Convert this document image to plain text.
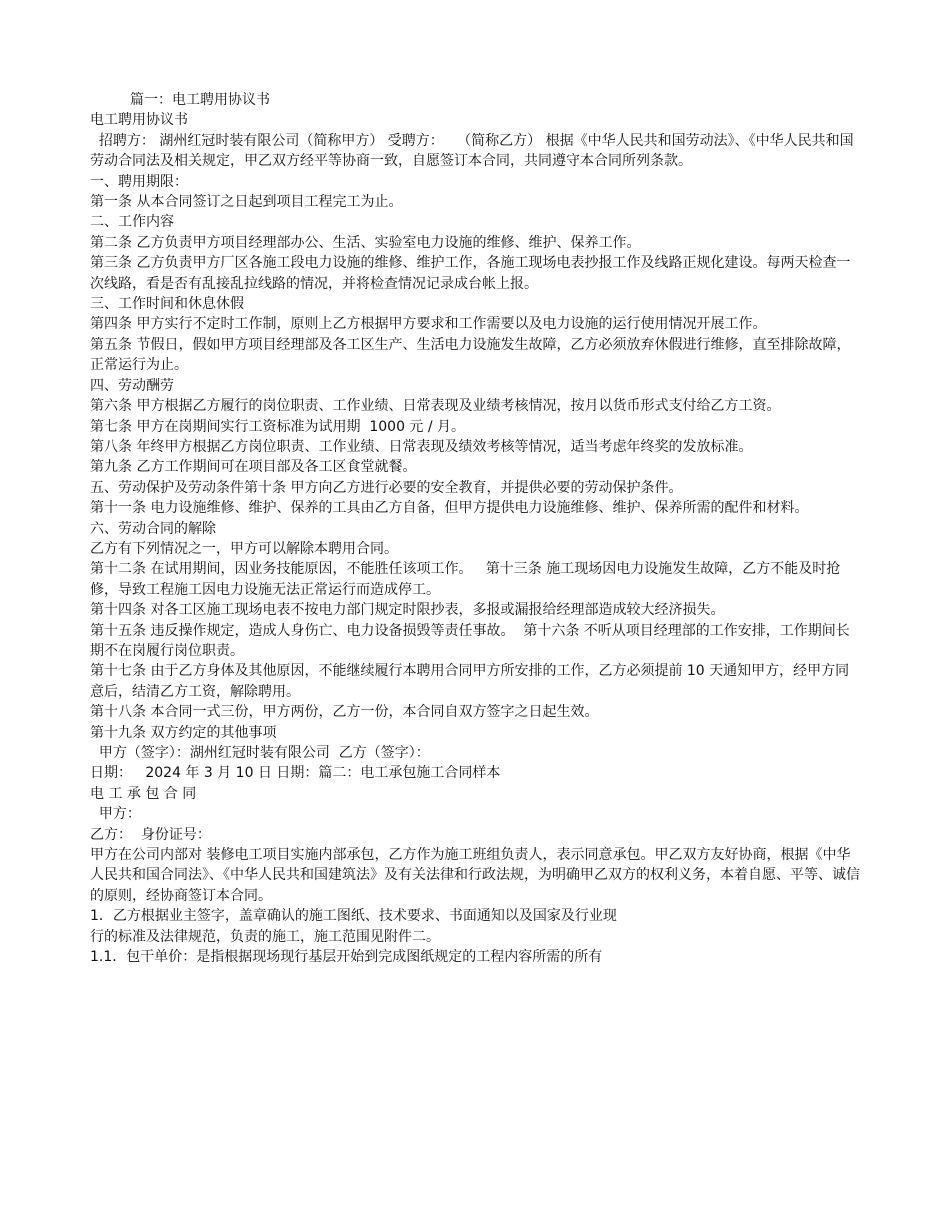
篇一：电工聘用协议书

电工聘用协议书

招聘方： 湖州红冠时装有限公司（简称甲方） 受聘方：   （简称乙方） 根据《中华人民共和国劳动法》、《中华人民共和国劳动合同法及相关规定，甲乙双方经平等协商一致，自愿签订本合同，共同遵守本合同所列条款。

一、聘用期限：

第一条 从本合同签订之日起到项目工程完工为止。

二、工作内容

第二条 乙方负责甲方项目经理部办公、生活、实验室电力设施的维修、维护、保养工作。

第三条 乙方负责甲方厂区各施工段电力设施的维修、维护工作，各施工现场电表抄报工作及线路正规化建设。每两天检查一次线路，看是否有乱接乱拉线路的情况，并将检查情况记录成台帐上报。

三、工作时间和休息休假

第四条 甲方实行不定时工作制，原则上乙方根据甲方要求和工作需要以及电力设施的运行使用情况开展工作。

第五条 节假日，假如甲方项目经理部及各工区生产、生活电力设施发生故障，乙方必须放弃休假进行维修，直至排除故障，正常运行为止。

四、劳动酬劳

第六条 甲方根据乙方履行的岗位职责、工作业绩、日常表现及业绩考核情况，按月以货币形式支付给乙方工资。

第七条 甲方在岗期间实行工资标准为试用期  1000 元 / 月。

第八条 年终甲方根据乙方岗位职责、工作业绩、日常表现及绩效考核等情况，适当考虑年终奖的发放标准。

第九条 乙方工作期间可在项目部及各工区食堂就餐。

五、劳动保护及劳动条件第十条 甲方向乙方进行必要的安全教育，并提供必要的劳动保护条件。

第十一条 电力设施维修、维护、保养的工具由乙方自备，但甲方提供电力设施维修、维护、保养所需的配件和材料。

六、劳动合同的解除

乙方有下列情况之一，甲方可以解除本聘用合同。

第十二条 在试用期间，因业务技能原因，不能胜任该项工作。   第十三条 施工现场因电力设施发生故障，乙方不能及时抢修，导致工程施工因电力设施无法正常运行而造成停工。

第十四条 对各工区施工现场电表不按电力部门规定时限抄表，多报或漏报给经理部造成较大经济损失。

第十五条 违反操作规定，造成人身伤亡、电力设备损毁等责任事故。  第十六条 不听从项目经理部的工作安排，工作期间长期不在岗履行岗位职责。

第十七条 由于乙方身体及其他原因，不能继续履行本聘用合同甲方所安排的工作，乙方必须提前 10 天通知甲方，经甲方同意后，结清乙方工资，解除聘用。

第十八条 本合同一式三份，甲方两份，乙方一份，本合同自双方签字之日起生效。

第十九条 双方约定的其他事项

甲方（签字）：湖州红冠时装有限公司  乙方（签字）：

日期：   2024 年 3 月 10 日 日期：篇二：电工承包施工合同样本

电 工 承 包 合 同

甲方：

乙方：  身份证号：

甲方在公司内部对 装修电工项目实施内部承包，乙方作为施工班组负责人，表示同意承包。甲乙双方友好协商，根据《中华人民共和国合同法》、《中华人民共和国建筑法》及有关法律和行政法规，为明确甲乙双方的权利义务，本着自愿、平等、诚信的原则，经协商签订本合同。

1．乙方根据业主签字，盖章确认的施工图纸、技术要求、书面通知以及国家及行业现

行的标准及法律规范，负责的施工，施工范围见附件二。

1.1．包干单价：是指根据现场现行基层开始到完成图纸规定的工程内容所需的所有
